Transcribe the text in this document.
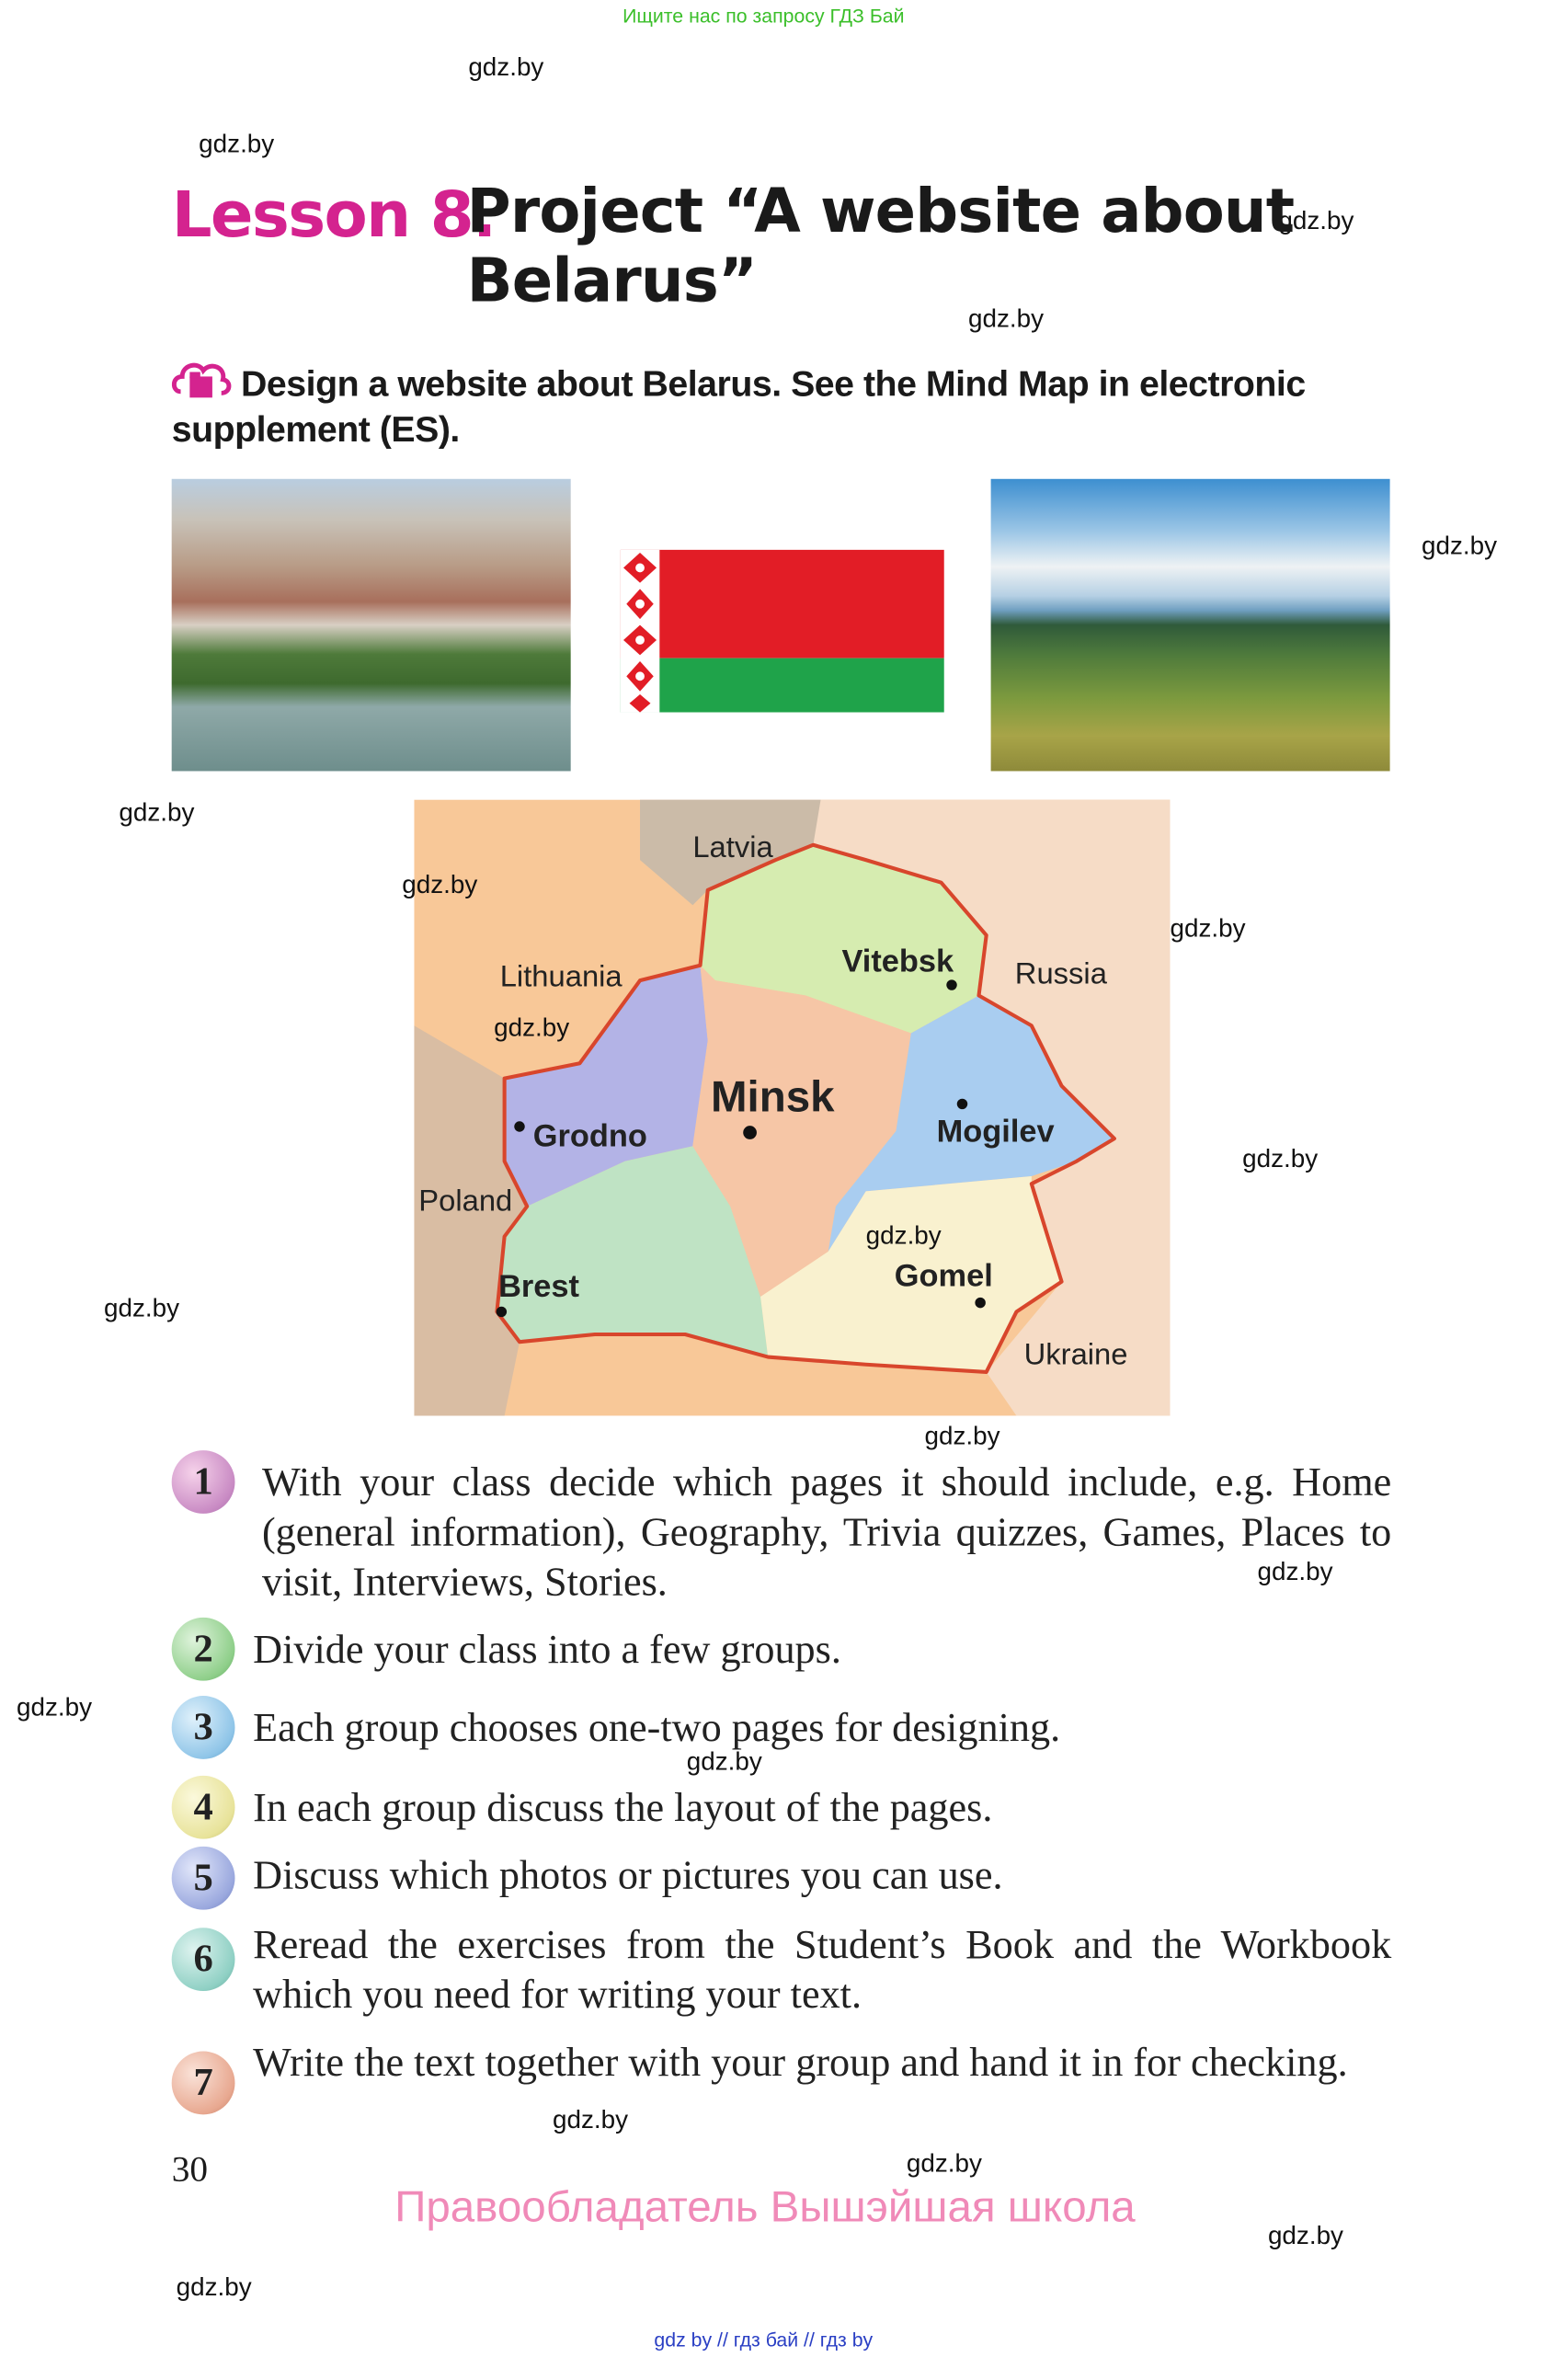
Ищите нас по запросу ГДЗ Бай
gdz.by
gdz.by
gdz.by
gdz.by
gdz.by
gdz.by
Lesson 8.
Project “A website about
Belarus”
Design a website about Belarus. See the Mind Map in electronic supplement (ES).
Latvia
Lithuania	Vitebsk	Russia
Minsk
Grodno	Mogilev
Poland
Brest	Gomel
Ukraine
gdz.by
gdz.by
gdz.by
gdz.by
gdz.by
gdz.by
gdz.by
1	With your class decide which pages it should include, e.g. Home (general information), Geography, Trivia quizzes, Games, Places to visit, Interviews, Stories.
2	Divide your class into a few groups.
3	Each group chooses one-two pages for designing.
4	In each group discuss the layout of the pages.
5	Discuss which photos or pictures you can use.
6	Reread the exercises from the Student’s Book and the Workbook which you need for writing your text.
7	Write the text together with your group and hand it in for checking.
gdz.by
gdz.by
gdz.by
gdz.by
gdz.by
gdz.by
gdz.by
30
Правообладатель Вышэйшая школа
gdz by // гдз бай // гдз by
